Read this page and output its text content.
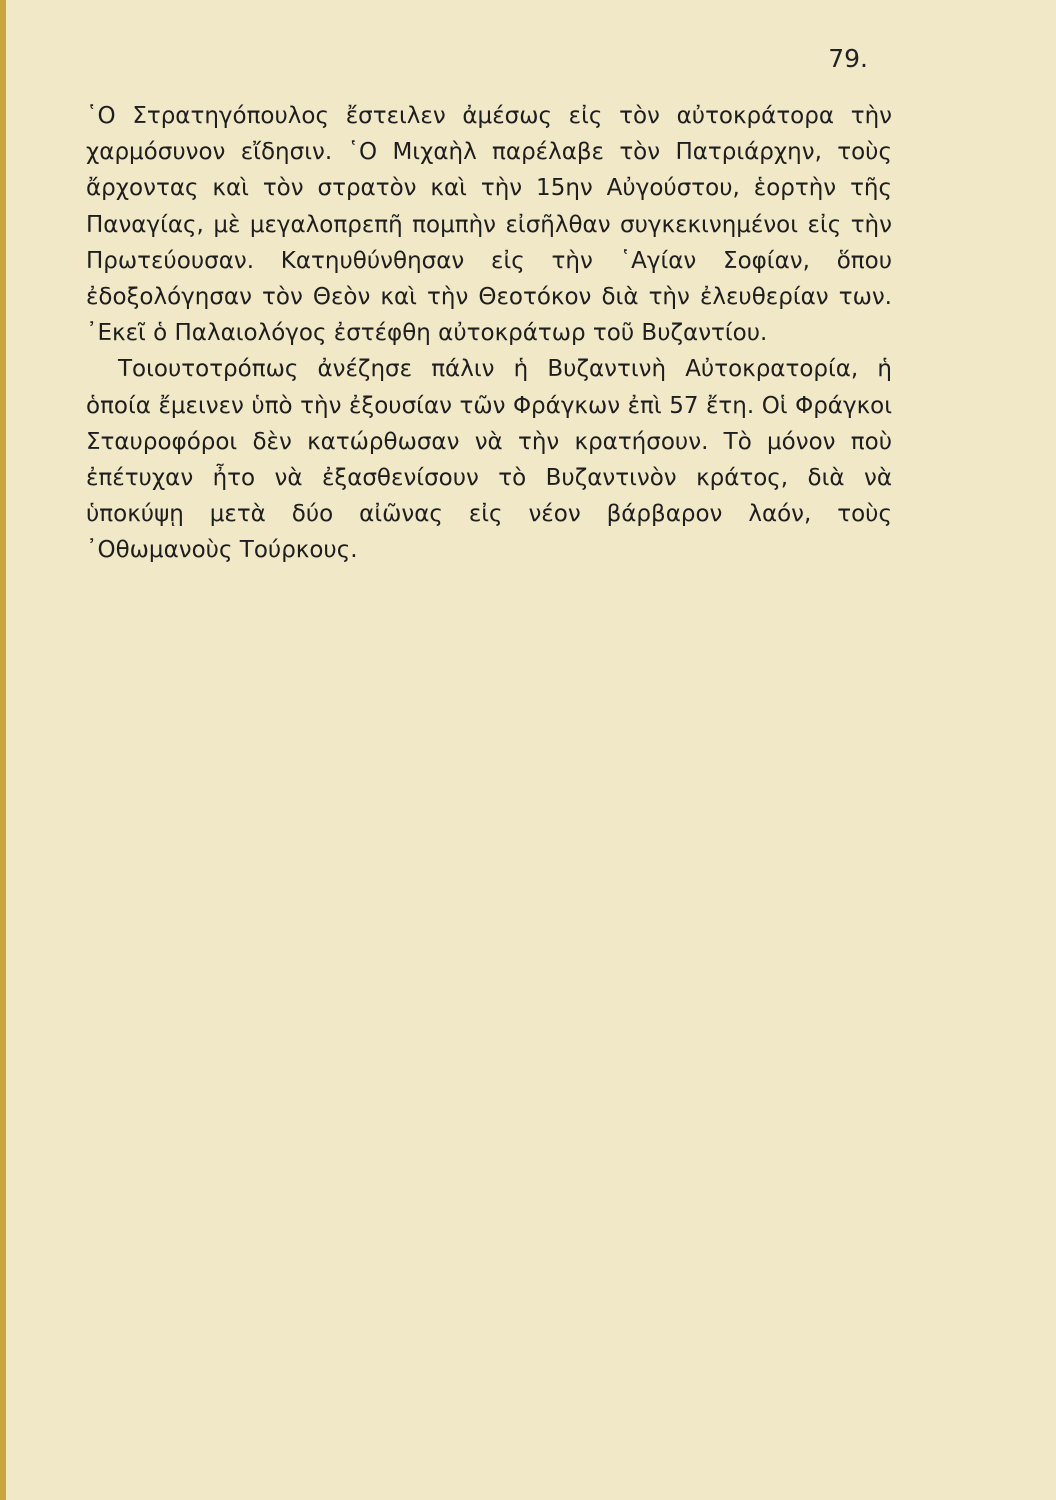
79.

῾Ο Στρατηγόπουλος ἔστειλεν ἀμέσως εἰς τὸν αὐτοκράτορα τὴν χαρμόσυνον εἴδησιν. ῾Ο Μιχαὴλ παρέλαβε τὸν Πατριάρχην, τοὺς ἄρχοντας καὶ τὸν στρατὸν καὶ τὴν 15ην Αὐγούστου, ἑορτὴν τῆς Παναγίας, μὲ μεγαλοπρεπῆ πομπὴν εἰσῆλθαν συγκεκινημένοι εἰς τὴν Πρωτεύουσαν. Κατηυθύνθησαν εἰς τὴν ῾Αγίαν Σοφίαν, ὅπου ἐδοξολόγησαν τὸν Θεὸν καὶ τὴν Θεοτόκον διὰ τὴν ἐλευθερίαν των. ᾿Εκεῖ ὁ Παλαιολόγος ἐστέφθη αὐτοκράτωρ τοῦ Βυζαντίου.

Τοιουτοτρόπως ἀνέζησε πάλιν ἡ Βυζαντινὴ Αὐτοκρατορία, ἡ ὁποία ἔμεινεν ὑπὸ τὴν ἐξουσίαν τῶν Φράγκων ἐπὶ 57 ἔτη. Οἱ Φράγκοι Σταυροφόροι δὲν κατώρθωσαν νὰ τὴν κρατήσουν. Τὸ μόνον ποὺ ἐπέτυχαν ἦτο νὰ ἐξασθενίσουν τὸ Βυζαντινὸν κράτος, διὰ νὰ ὑποκύψῃ μετὰ δύο αἰῶνας εἰς νέον βάρβαρον λαόν, τοὺς ᾿Οθωμανοὺς Τούρκους.
